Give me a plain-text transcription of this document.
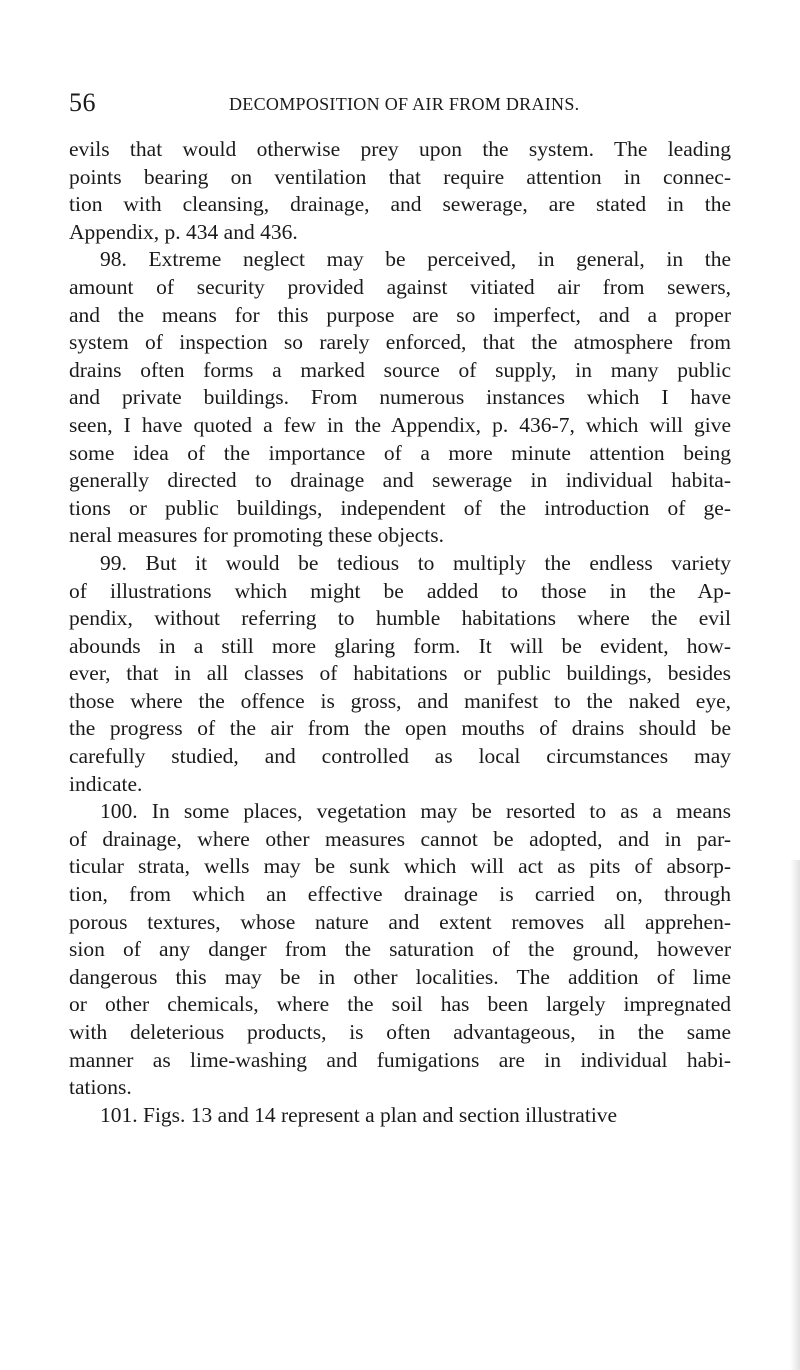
56	DECOMPOSITION OF AIR FROM DRAINS.
evils that would otherwise prey upon the system. The leading
points bearing on ventilation that require attention in connec-
tion with cleansing, drainage, and sewerage, are stated in the
Appendix, p. 434 and 436.
98. Extreme neglect may be perceived, in general, in the
amount of security provided against vitiated air from sewers,
and the means for this purpose are so imperfect, and a proper
system of inspection so rarely enforced, that the atmosphere from
drains often forms a marked source of supply, in many public
and private buildings. From numerous instances which I have
seen, I have quoted a few in the Appendix, p. 436-7, which will give
some idea of the importance of a more minute attention being
generally directed to drainage and sewerage in individual habita-
tions or public buildings, independent of the introduction of ge-
neral measures for promoting these objects.
99. But it would be tedious to multiply the endless variety
of illustrations which might be added to those in the Ap-
pendix, without referring to humble habitations where the evil
abounds in a still more glaring form. It will be evident, how-
ever, that in all classes of habitations or public buildings, besides
those where the offence is gross, and manifest to the naked eye,
the progress of the air from the open mouths of drains should be
carefully studied, and controlled as local circumstances may
indicate.
100. In some places, vegetation may be resorted to as a means
of drainage, where other measures cannot be adopted, and in par-
ticular strata, wells may be sunk which will act as pits of absorp-
tion, from which an effective drainage is carried on, through
porous textures, whose nature and extent removes all apprehen-
sion of any danger from the saturation of the ground, however
dangerous this may be in other localities. The addition of lime
or other chemicals, where the soil has been largely impregnated
with deleterious products, is often advantageous, in the same
manner as lime-washing and fumigations are in individual habi-
tations.
101. Figs. 13 and 14 represent a plan and section illustrative
